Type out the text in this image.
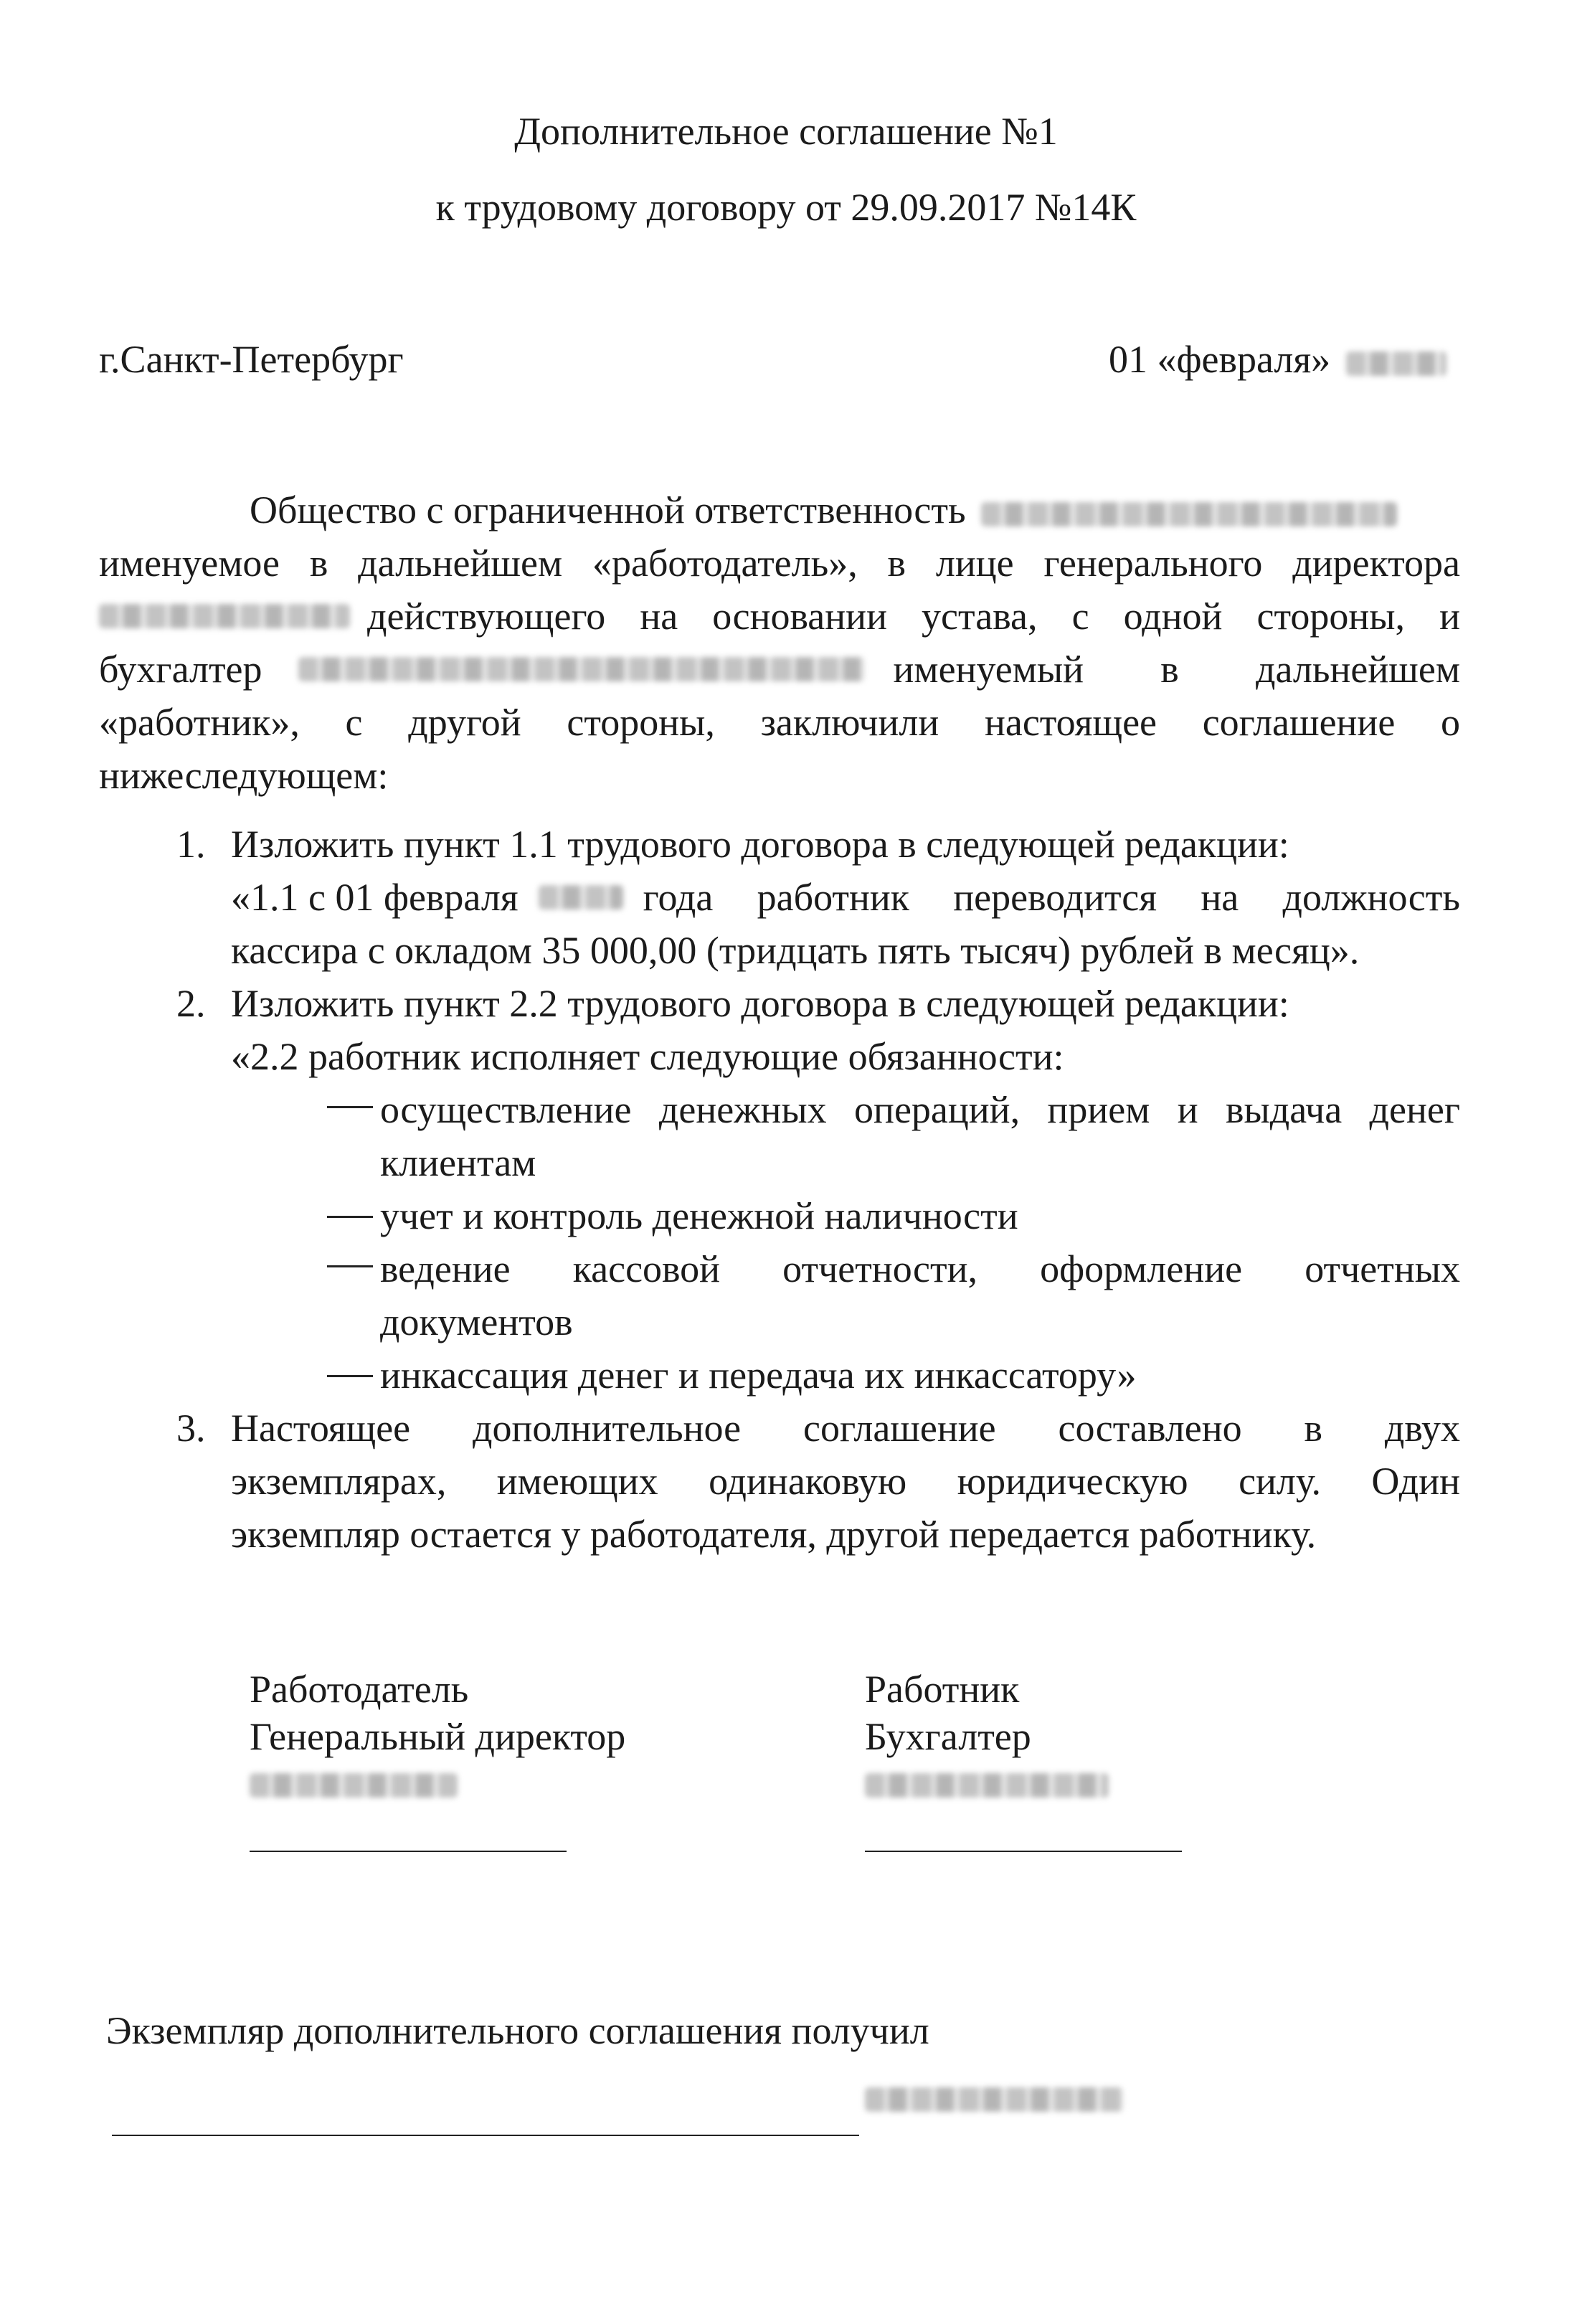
Дополнительное соглашение №1
к трудовому договору от 29.09.2017 №14К
г.Санкт-Петербург	01 «февраля»
Общество с ограниченной ответственность
именуемое в дальнейшем «работодатель», в лице генерального директора
действующего на основании устава, с одной стороны, и
бухгалтер	именуемый в дальнейшем
«работник», с другой стороны, заключили настоящее соглашение о
нижеследующем:
1. Изложить пункт 1.1 трудового договора в следующей редакции:
«1.1 с 01 февраля	года работник переводится на должность
кассира с окладом 35 000,00 (тридцать пять тысяч) рублей в месяц».
2. Изложить пункт 2.2 трудового договора в следующей редакции:
«2.2 работник исполняет следующие обязанности:
осуществление денежных операций, прием и выдача денег
клиентам
учет и контроль денежной наличности
ведение кассовой отчетности, оформление отчетных
документов
инкассация денег и передача их инкассатору»
3. Настоящее дополнительное соглашение составлено в двух
экземплярах, имеющих одинаковую юридическую силу. Один
экземпляр остается у работодателя, другой передается работнику.
Работодатель
Генеральный директор
Работник
Бухгалтер
Экземпляр дополнительного соглашения получил
